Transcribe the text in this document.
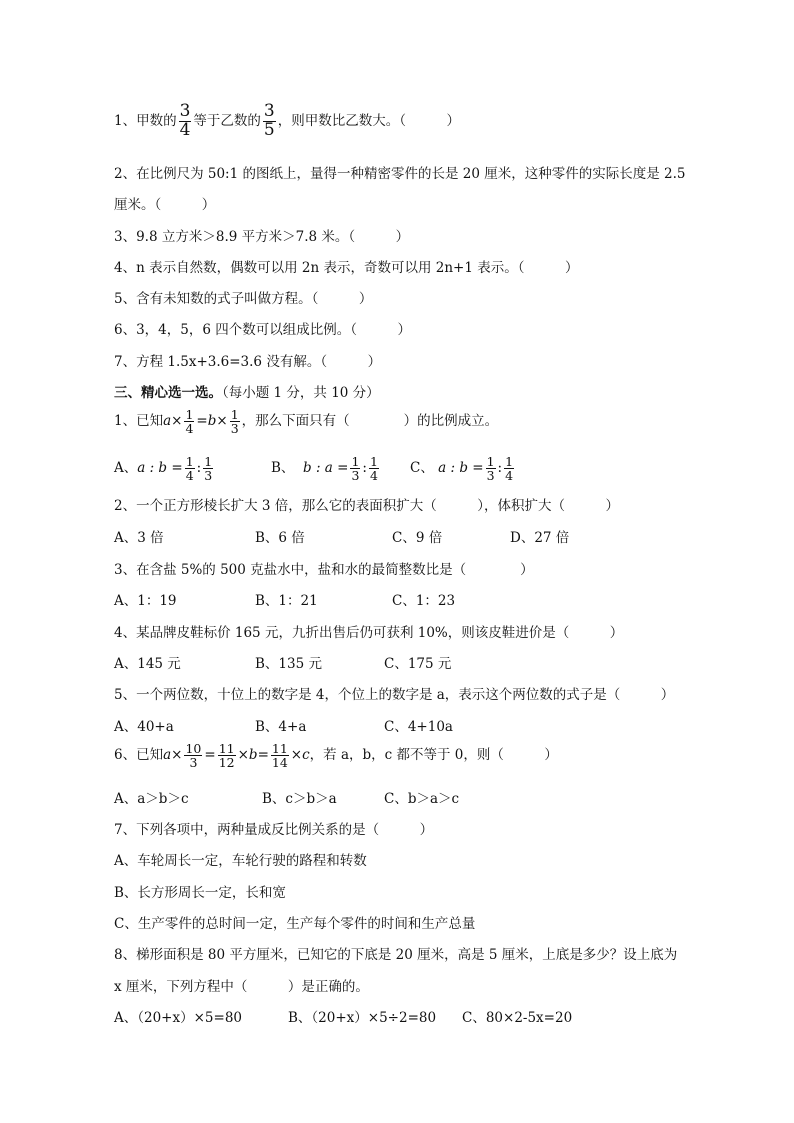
1、甲数的 $\frac{3}{4}$ 等于乙数的 $\frac{3}{5}$ ，则甲数比乙数大。（　　　）
2、在比例尺为 50:1 的图纸上，量得一种精密零件的长是 20 厘米，这种零件的实际长度是 2.5
厘米。（　　　）
3、9.8 立方米＞8.9 平方米＞7.8 米。（　　　）
4、n 表示自然数，偶数可以用 2n 表示，奇数可以用 2n+1 表示。（　　　）
5、含有未知数的式子叫做方程。（　　　）
6、3，4，5，6 四个数可以组成比例。（　　　）
7、方程 1.5x+3.6=3.6 没有解。（　　　）
三、精心选一选。（每小题 1 分，共 10 分）
1、已知$a\times \frac{1}{4} =b\times \frac{1}{3}$ ，那么下面只有（　　　　）的比例成立。
A、a : $b = \frac{1}{4}$ : $\frac{1}{3}$	B、 b : $a = \frac{1}{3}$ : $\frac{1}{4}$ C、 a : $b = \frac{1}{3}$ : $\frac{1}{4}$
2、一个正方形棱长扩大 3 倍，那么它的表面积扩大（　　　），体积扩大（　　　）
A、3 倍	B、6 倍	C、9 倍	D、27 倍
3、在含盐 5%的 500 克盐水中，盐和水的最简整数比是（　　　　）
A、1：19	B、1：21	C、1：23
4、某品牌皮鞋标价 165 元，九折出售后仍可获利 10%，则该皮鞋进价是（　　　）
A、145 元	B、135 元	C、175 元
5、一个两位数，十位上的数字是 4，个位上的数字是 a，表示这个两位数的式子是（　　　）
A、40+a	B、4+a	C、4+10a
6、已知$a\times \frac{10}{3} = \frac{11}{12} \times b= \frac{11}{14} \times c$，若 a，b，c 都不等于 0，则（　　　）
A、a＞b＞c	B、c＞b＞a	C、b＞a＞c
7、下列各项中，两种量成反比例关系的是（　　　）
A、车轮周长一定，车轮行驶的路程和转数
B、长方形周长一定，长和宽
C、生产零件的总时间一定，生产每个零件的时间和生产总量
8、梯形面积是 80 平方厘米，已知它的下底是 20 厘米，高是 5 厘米，上底是多少？设上底为
x 厘米，下列方程中（　　　）是正确的。
A、（20+x）×5=80	B、（20+x）×5÷2=80 C、80×2-5x=20
